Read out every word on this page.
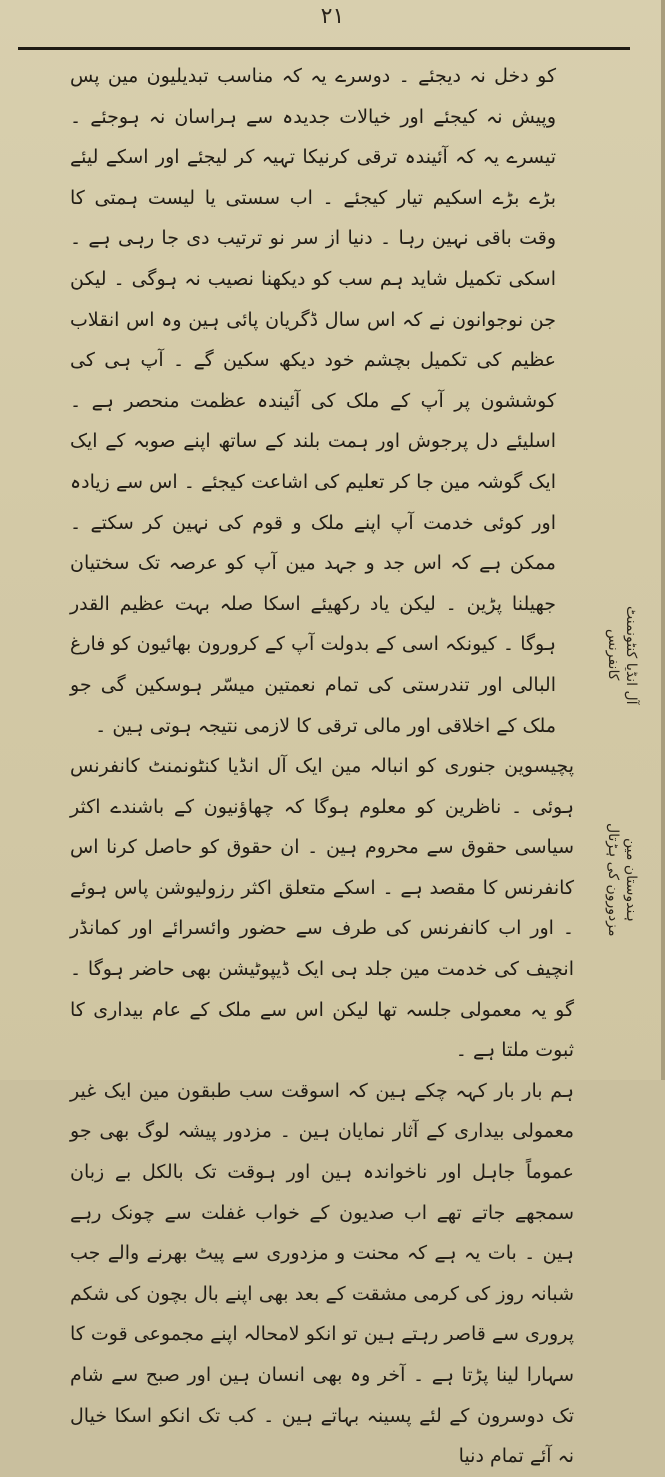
۲۱

کو دخل نہ دیجئے ۔ دوسرے یہ کہ مناسب تبدیلیون مین پس وپیش نہ کیجئے اور خیالات جدیدہ سے ہراسان نہ ہوجئے ۔ تیسرے یہ کہ آئیندہ ترقی کرنیکا تہیہ کر لیجئے اور اسکے لیئے بڑے بڑے اسکیم تیار کیجئے ۔ اب سستی یا لیست ہمتی کا وقت باقی نہین رہا ۔ دنیا از سر نو ترتیب دی جا رہی ہے ۔ اسکی تکمیل شاید ہم سب کو دیکھنا نصیب نہ ہوگی ۔ لیکن جن نوجوانون نے کہ اس سال ڈگریان پائی ہین وہ اس انقلاب عظیم کی تکمیل بچشم خود دیکھ سکین گے ۔ آپ ہی کی کوششون پر آپ کے ملک کی آئیندہ عظمت منحصر ہے ۔ اسلیئے دل پرجوش اور ہمت بلند کے ساتھ اپنے صوبہ کے ایک ایک گوشہ مین جا کر تعلیم کی اشاعت کیجئے ۔ اس سے زیادہ اور کوئی خدمت آپ اپنے ملک و قوم کی نہین کر سکتے ۔ ممکن ہے کہ اس جد و جہد مین آپ کو عرصہ تک سختیان جھیلنا پڑین ۔ لیکن یاد رکھیئے اسکا صلہ بہت عظیم القدر ہوگا ۔ کیونکہ اسی کے بدولت آپ کے کرورون بھائیون کو فارغ البالی اور تندرستی کی تمام نعمتین میسّر ہوسکین گی جو ملک کے اخلاقی اور مالی ترقی کا لازمی نتیجہ ہوتی ہین ۔

پچیسوین جنوری کو انبالہ مین ایک آل انڈیا کنٹونمنٹ کانفرنس ہوئی ۔ ناظرین کو معلوم ہوگا کہ چھاؤنیون کے باشندے اکثر سیاسی حقوق سے محروم ہین ۔ ان حقوق کو حاصل کرنا اس کانفرنس کا مقصد ہے ۔ اسکے متعلق اکثر رزولیوشن پاس ہوئے ۔ اور اب کانفرنس کی طرف سے حضور وائسرائے اور کمانڈر انچیف کی خدمت مین جلد ہی ایک ڈیپوٹیشن بھی حاضر ہوگا ۔ گو یہ معمولی جلسہ تھا لیکن اس سے ملک کے عام بیداری کا ثبوت ملتا ہے ۔

ہم بار بار کہہ چکے ہین کہ اسوقت سب طبقون مین ایک غیر معمولی بیداری کے آثار نمایان ہین ۔ مزدور پیشہ لوگ بھی جو عموماً جاہل اور ناخواندہ ہین اور ہوقت تک بالکل بے زبان سمجھے جاتے تھے اب صدیون کے خواب غفلت سے چونک رہے ہین ۔ بات یہ ہے کہ محنت و مزدوری سے پیٹ بھرنے والے جب شبانہ روز کی کرمی مشقت کے بعد بھی اپنے بال بچون کی شکم پروری سے قاصر رہتے ہین تو انکو لامحالہ اپنے مجموعی قوت کا سہارا لینا پڑتا ہے ۔ آخر وہ بھی انسان ہین اور صبح سے شام تک دوسرون کے لئے پسینہ بہاتے ہین ۔ کب تک انکو اسکا خیال نہ آئے تمام دنیا

آل انڈیا کنٹونمنٹ کانفرنس
ہندوستان مین مزدورون کی ہڑتال
